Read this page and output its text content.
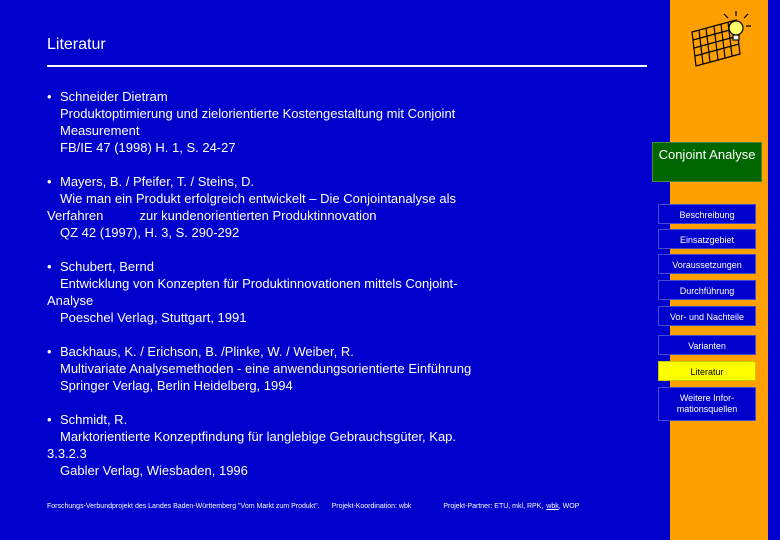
Literatur
• Schneider Dietram
Produktoptimierung und zielorientierte Kostengestaltung mit Conjoint
Measurement
FB/IE 47 (1998) H. 1, S. 24-27
• Mayers, B. / Pfeifer, T. / Steins, D.
Wie man ein Produkt erfolgreich entwickelt – Die Conjointanalyse als
Verfahren          zur kundenorientierten Produktinnovation
QZ 42 (1997), H. 3, S. 290-292
• Schubert, Bernd
Entwicklung von Konzepten für Produktinnovationen mittels Conjoint-
Analyse
Poeschel Verlag, Stuttgart, 1991
• Backhaus, K. / Erichson, B. /Plinke, W. / Weiber, R.
Multivariate Analysemethoden - eine anwendungsorientierte Einführung
Springer Verlag, Berlin Heidelberg, 1994
• Schmidt, R.
Marktorientierte Konzeptfindung für langlebige Gebrauchsgüter, Kap.
3.3.2.3
Gabler Verlag, Wiesbaden, 1996
Forschungs-Verbundprojekt des Landes Baden-Württemberg "Vom Markt zum Produkt". Projekt-Koordination: wbk	Projekt-Partner: ETU, mkl, RPK, wbk, WOP
Conjoint Analyse
Beschreibung
Einsatzgebiet
Voraussetzungen
Durchführung
Vor- und Nachteile
Varianten
Literatur
Weitere Infor-mationsquellen
